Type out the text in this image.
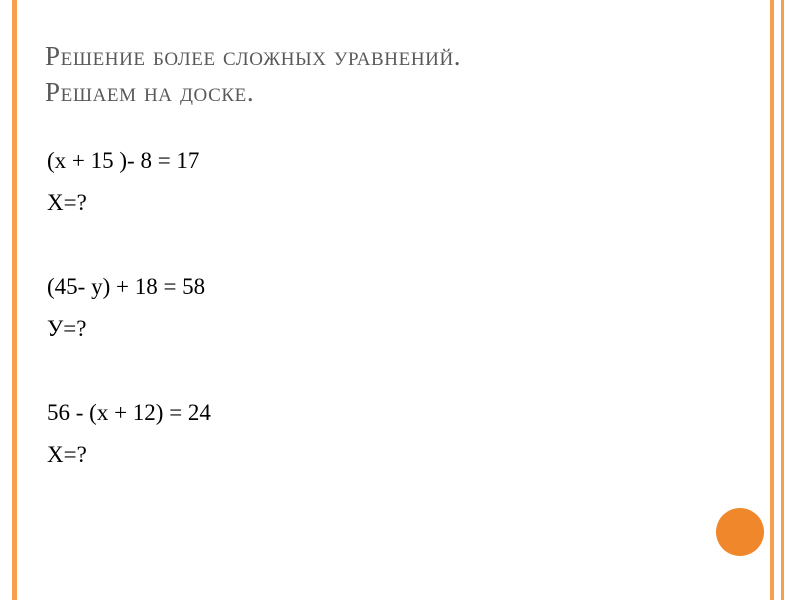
Решение более сложных уравнений.
Решаем на доске.
(х + 15 )- 8 = 17
Х=?
(45- у) + 18 = 58
У=?
56 - (х + 12) = 24
Х=?
